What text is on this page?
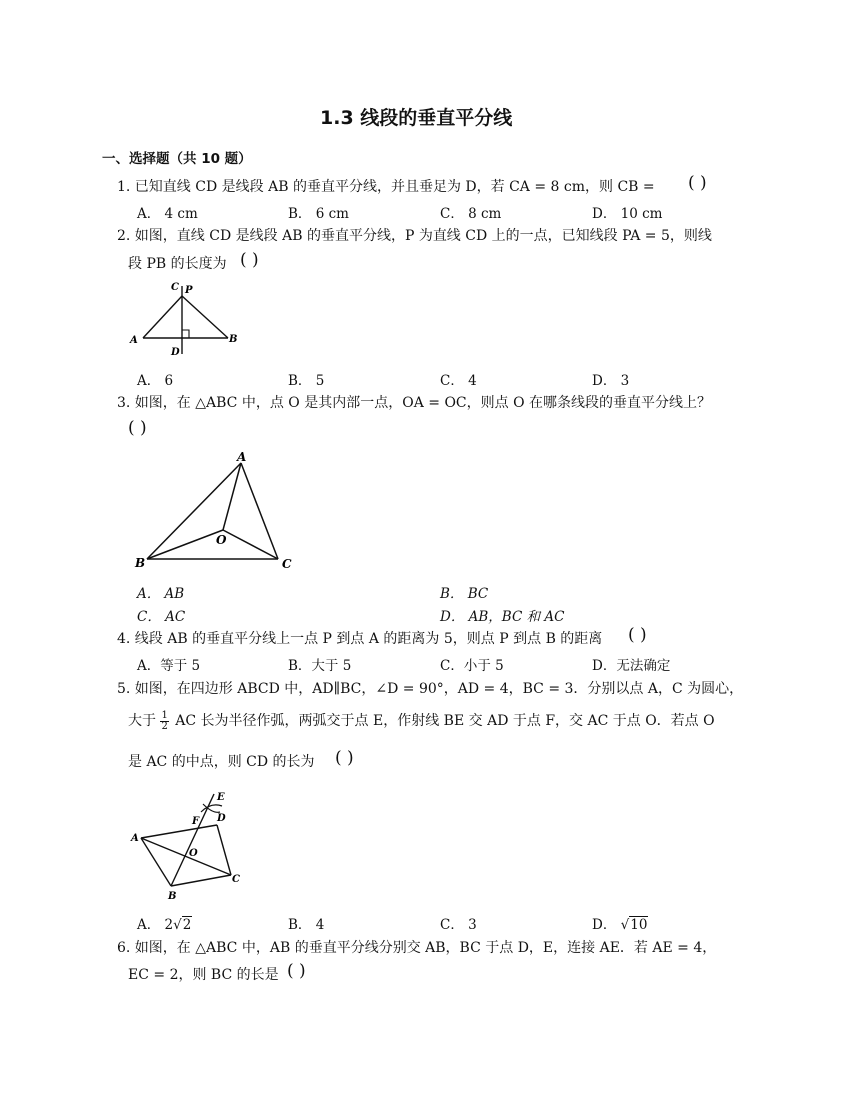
1.3 线段的垂直平分线
一、选择题（共 10 题）
1. 已知直线 CD 是线段 AB 的垂直平分线，并且垂足为 D，若 CA = 8 cm，则 CB = ( )
A． 4 cm	B． 6 cm	C． 8 cm	D． 10 cm
2. 如图，直线 CD 是线段 AB 的垂直平分线，P 为直线 CD 上的一点，已知线段 PA = 5，则线
段 PB 的长度为 ( )
C P
A	B
D
A． 6	B． 5	C． 4	D． 3
3. 如图，在 △ABC 中，点 O 是其内部一点，OA = OC，则点 O 在哪条线段的垂直平分线上？
( )
A
B	C
O
A． AB	B． BC
C． AC	D． AB，BC 和 AC
4. 线段 AB 的垂直平分线上一点 P 到点 A 的距离为 5，则点 P 到点 B 的距离 ( )
A．等于 5	B．大于 5	C．小于 5	D．无法确定
5. 如图，在四边形 ABCD 中，AD∥BC，∠D = 90°，AD = 4，BC = 3．分别以点 A，C 为圆心，
大于 $\frac{1}{2}$ AC 长为半径作弧，两弧交于点 E，作射线 BE 交 AD 于点 F，交 AC 于点 O．若点 O
是 AC 的中点，则 CD 的长为 ( )
E
D
F
A
O
C
B
A． 2√2	B． 4	C． 3	D． √10
6. 如图，在 △ABC 中，AB 的垂直平分线分别交 AB，BC 于点 D，E，连接 AE．若 AE = 4，
EC = 2，则 BC 的长是 ( )
